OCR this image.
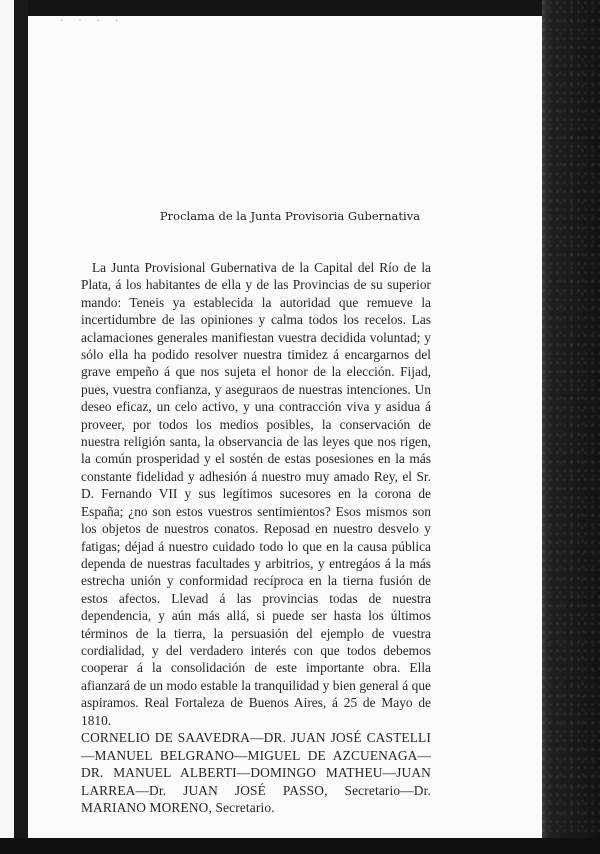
· · · ·
Proclama de la Junta Provisoria Gubernativa

La Junta Provisional Gubernativa de la Capital del Río de la Plata, á los habitantes de ella y de las Provincias de su superior mando: Teneis ya establecida la autoridad que remueve la incertidumbre de las opiniones y calma todos los recelos. Las aclamaciones generales manifiestan vuestra decidida voluntad; y sólo ella ha podido resolver nuestra timidez á encargarnos del grave empeño á que nos sujeta el honor de la elección. Fijad, pues, vuestra confianza, y aseguraos de nuestras intenciones. Un deseo eficaz, un celo activo, y una contracción viva y asidua á proveer, por todos los medios posibles, la conservación de nuestra religión santa, la observancia de las leyes que nos rigen, la común prosperidad y el sostén de estas posesiones en la más constante fidelidad y adhesión á nuestro muy amado Rey, el Sr. D. Fernando VII y sus legítimos sucesores en la corona de España; ¿no son estos vuestros sentimientos? Esos mismos son los objetos de nuestros conatos. Reposad en nuestro desvelo y fatigas; déjad á nuestro cuidado todo lo que en la causa pública dependa de nuestras facultades y arbitrios, y entregáos á la más estrecha unión y conformidad recíproca en la tierna fusión de estos afectos. Llevad á las provincias todas de nuestra dependencia, y aún más allá, si puede ser hasta los últimos términos de la tierra, la persuasión del ejemplo de vuestra cordialidad, y del verdadero interés con que todos debemos cooperar á la consolidación de este importante obra. Ella afianzará de un modo estable la tranquilidad y bien general á que aspiramos. Real Fortaleza de Buenos Aires, á 25 de Mayo de 1810.

CORNELIO DE SAAVEDRA—DR. JUAN JOSÉ CASTELLI—MANUEL BELGRANO—MIGUEL DE AZCUENAGA—DR. MANUEL ALBERTI—DOMINGO MATHEU—JUAN LARREA—Dr. JUAN JOSÉ PASSO, Secretario—Dr. MARIANO MORENO, Secretario.
